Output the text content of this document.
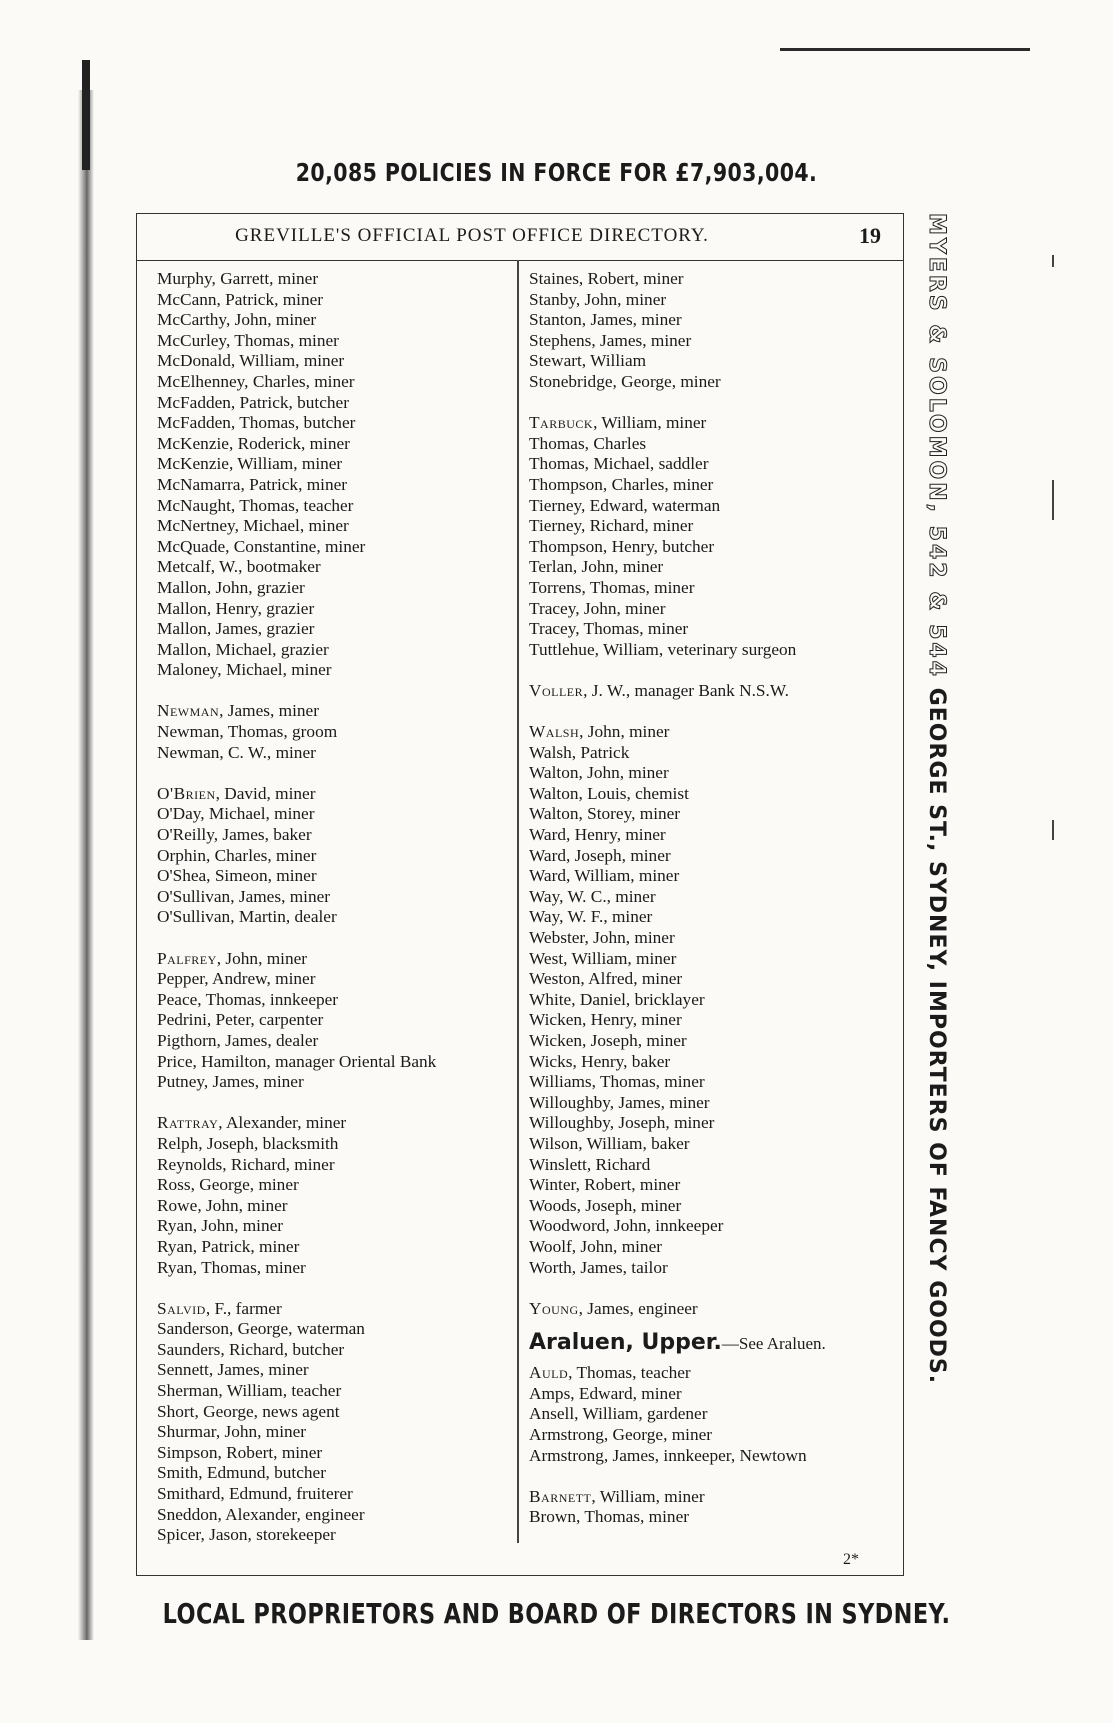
20,085 POLICIES IN FORCE FOR £7,903,004.
GREVILLE'S OFFICIAL POST OFFICE DIRECTORY.	19
Murphy, Garrett, miner
McCann, Patrick, miner
McCarthy, John, miner
McCurley, Thomas, miner
McDonald, William, miner
McElhenney, Charles, miner
McFadden, Patrick, butcher
McFadden, Thomas, butcher
McKenzie, Roderick, miner
McKenzie, William, miner
McNamarra, Patrick, miner
McNaught, Thomas, teacher
McNertney, Michael, miner
McQuade, Constantine, miner
Metcalf, W., bootmaker
Mallon, John, grazier
Mallon, Henry, grazier
Mallon, James, grazier
Mallon, Michael, grazier
Maloney, Michael, miner
Newman, James, miner
Newman, Thomas, groom
Newman, C. W., miner
O'Brien, David, miner
O'Day, Michael, miner
O'Reilly, James, baker
Orphin, Charles, miner
O'Shea, Simeon, miner
O'Sullivan, James, miner
O'Sullivan, Martin, dealer
Palfrey, John, miner
Pepper, Andrew, miner
Peace, Thomas, innkeeper
Pedrini, Peter, carpenter
Pigthorn, James, dealer
Price, Hamilton, manager Oriental Bank
Putney, James, miner
Rattray, Alexander, miner
Relph, Joseph, blacksmith
Reynolds, Richard, miner
Ross, George, miner
Rowe, John, miner
Ryan, John, miner
Ryan, Patrick, miner
Ryan, Thomas, miner
Salvid, F., farmer
Sanderson, George, waterman
Saunders, Richard, butcher
Sennett, James, miner
Sherman, William, teacher
Short, George, news agent
Shurmar, John, miner
Simpson, Robert, miner
Smith, Edmund, butcher
Smithard, Edmund, fruiterer
Sneddon, Alexander, engineer
Spicer, Jason, storekeeper
Staines, Robert, miner
Stanby, John, miner
Stanton, James, miner
Stephens, James, miner
Stewart, William
Stonebridge, George, miner
Tarbuck, William, miner
Thomas, Charles
Thomas, Michael, saddler
Thompson, Charles, miner
Tierney, Edward, waterman
Tierney, Richard, miner
Thompson, Henry, butcher
Terlan, John, miner
Torrens, Thomas, miner
Tracey, John, miner
Tracey, Thomas, miner
Tuttlehue, William, veterinary surgeon
Voller, J. W., manager Bank N.S.W.
Walsh, John, miner
Walsh, Patrick
Walton, John, miner
Walton, Louis, chemist
Walton, Storey, miner
Ward, Henry, miner
Ward, Joseph, miner
Ward, William, miner
Way, W. C., miner
Way, W. F., miner
Webster, John, miner
West, William, miner
Weston, Alfred, miner
White, Daniel, bricklayer
Wicken, Henry, miner
Wicken, Joseph, miner
Wicks, Henry, baker
Williams, Thomas, miner
Willoughby, James, miner
Willoughby, Joseph, miner
Wilson, William, baker
Winslett, Richard
Winter, Robert, miner
Woods, Joseph, miner
Woodword, John, innkeeper
Woolf, John, miner
Worth, James, tailor
Young, James, engineer
Araluen, Upper.—See Araluen.
Auld, Thomas, teacher
Amps, Edward, miner
Ansell, William, gardener
Armstrong, George, miner
Armstrong, James, innkeeper, Newtown
Barnett, William, miner
Brown, Thomas, miner
2*
MYERS & SOLOMON, 542 & 544 GEORGE ST., SYDNEY, IMPORTERS OF FANCY GOODS.
LOCAL PROPRIETORS AND BOARD OF DIRECTORS IN SYDNEY.
